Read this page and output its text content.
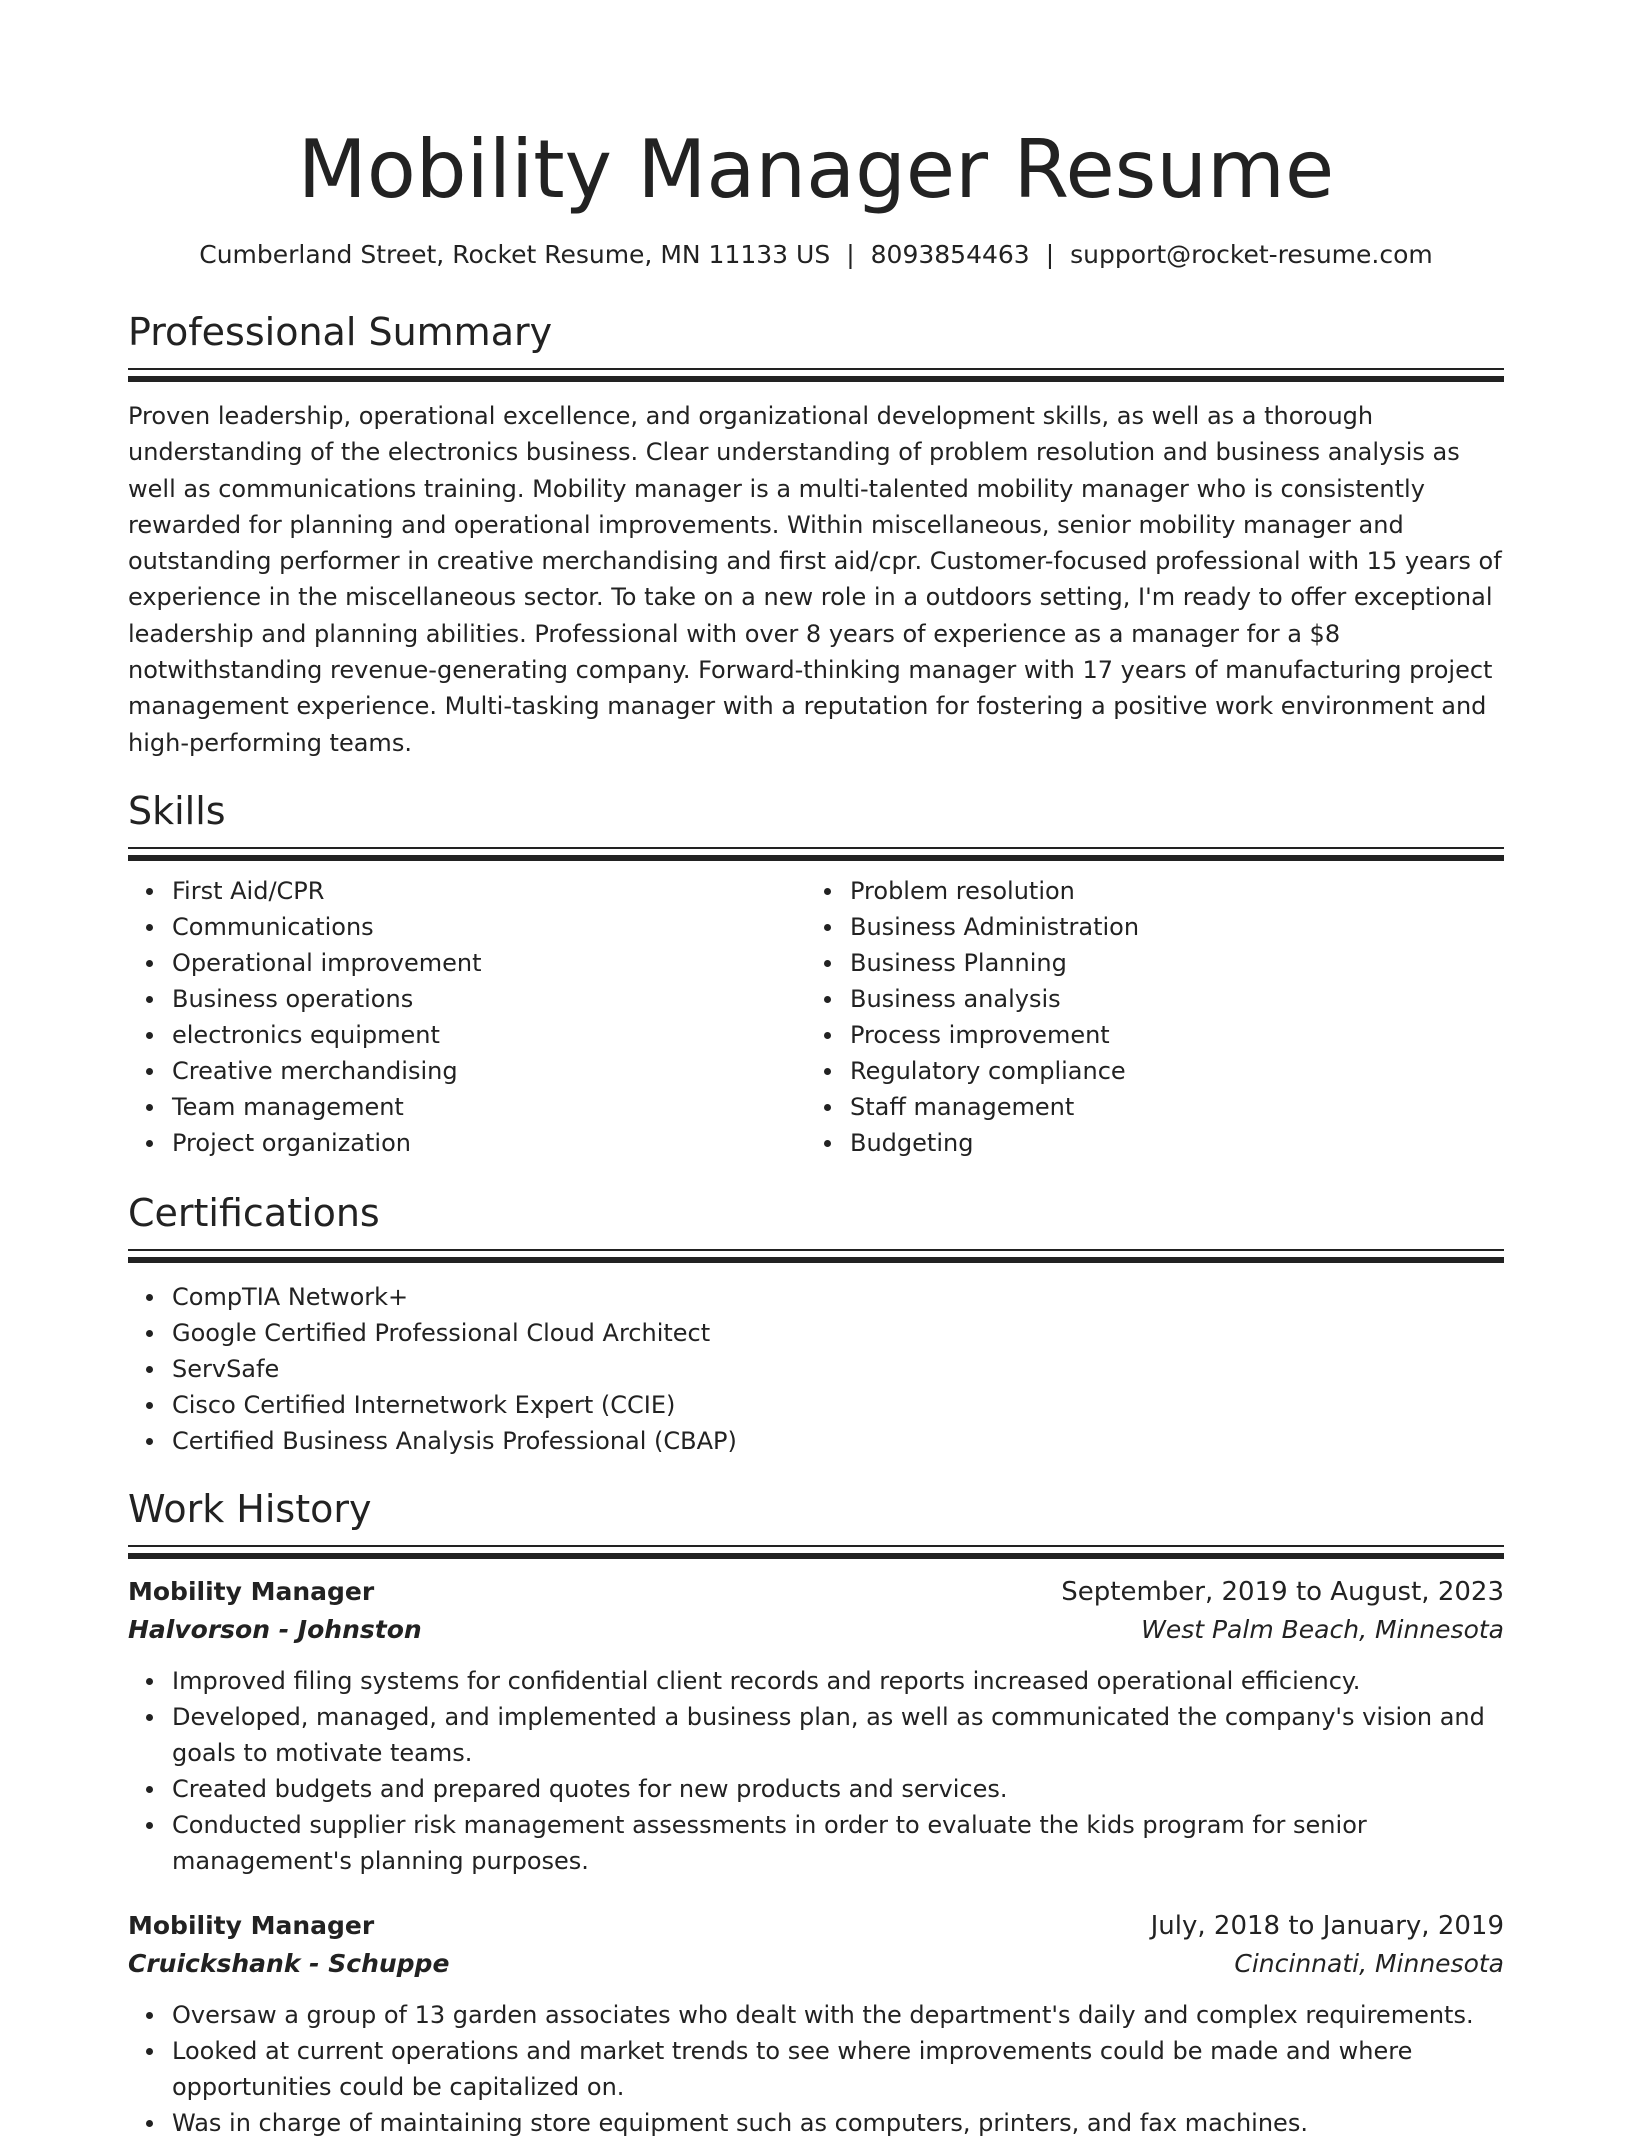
Mobility Manager Resume
Cumberland Street, Rocket Resume, MN 11133 US | 8093854463 | support@rocket-resume.com
Professional Summary

Proven leadership, operational excellence, and organizational development skills, as well as a thorough understanding of the electronics business. Clear understanding of problem resolution and business analysis as well as communications training. Mobility manager is a multi-talented mobility manager who is consistently rewarded for planning and operational improvements. Within miscellaneous, senior mobility manager and outstanding performer in creative merchandising and first aid/cpr. Customer-focused professional with 15 years of experience in the miscellaneous sector. To take on a new role in a outdoors setting, I'm ready to offer exceptional leadership and planning abilities. Professional with over 8 years of experience as a manager for a $8 notwithstanding revenue-generating company. Forward-thinking manager with 17 years of manufacturing project management experience. Multi-tasking manager with a reputation for fostering a positive work environment and high-performing teams.

Skills
First Aid/CPR
Communications
Operational improvement
Business operations
electronics equipment
Creative merchandising
Team management
Project organization
Problem resolution
Business Administration
Business Planning
Business analysis
Process improvement
Regulatory compliance
Staff management
Budgeting
Certifications
CompTIA Network+
Google Certified Professional Cloud Architect
ServSafe
Cisco Certified Internetwork Expert (CCIE)
Certified Business Analysis Professional (CBAP)
Work History
Mobility Manager	September, 2019 to August, 2023
Halvorson - Johnston	West Palm Beach, Minnesota
Improved filing systems for confidential client records and reports increased operational efficiency.
Developed, managed, and implemented a business plan, as well as communicated the company's vision and goals to motivate teams.
Created budgets and prepared quotes for new products and services.
Conducted supplier risk management assessments in order to evaluate the kids program for senior management's planning purposes.
Mobility Manager	July, 2018 to January, 2019
Cruickshank - Schuppe	Cincinnati, Minnesota
Oversaw a group of 13 garden associates who dealt with the department's daily and complex requirements.
Looked at current operations and market trends to see where improvements could be made and where opportunities could be capitalized on.
Was in charge of maintaining store equipment such as computers, printers, and fax machines.
